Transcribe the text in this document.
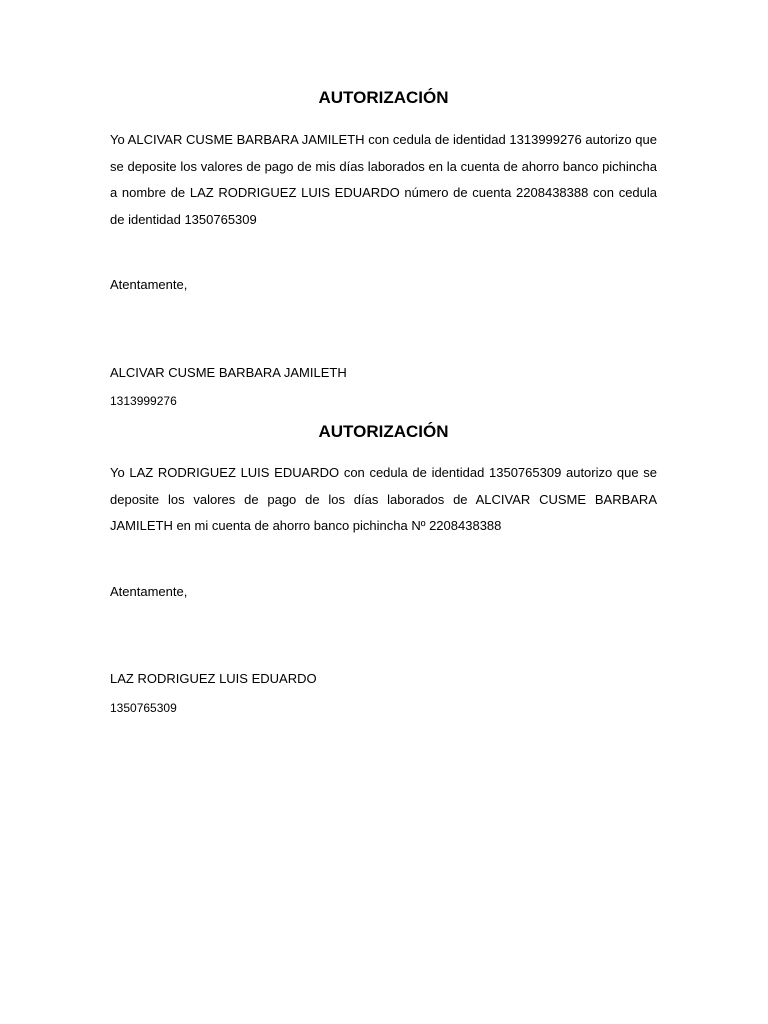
AUTORIZACIÓN

Yo ALCIVAR CUSME BARBARA JAMILETH con cedula de identidad 1313999276 autorizo que se deposite los valores de pago de mis días laborados en la cuenta de ahorro banco pichincha a nombre de LAZ RODRIGUEZ LUIS EDUARDO número de cuenta 2208438388 con cedula de identidad 1350765309

Atentamente,

ALCIVAR CUSME BARBARA JAMILETH

1313999276

AUTORIZACIÓN

Yo LAZ RODRIGUEZ LUIS EDUARDO con cedula de identidad 1350765309 autorizo que se deposite los valores de pago de los días laborados de ALCIVAR CUSME BARBARA JAMILETH en mi cuenta de ahorro banco pichincha Nº 2208438388

Atentamente,

LAZ RODRIGUEZ LUIS EDUARDO

1350765309
